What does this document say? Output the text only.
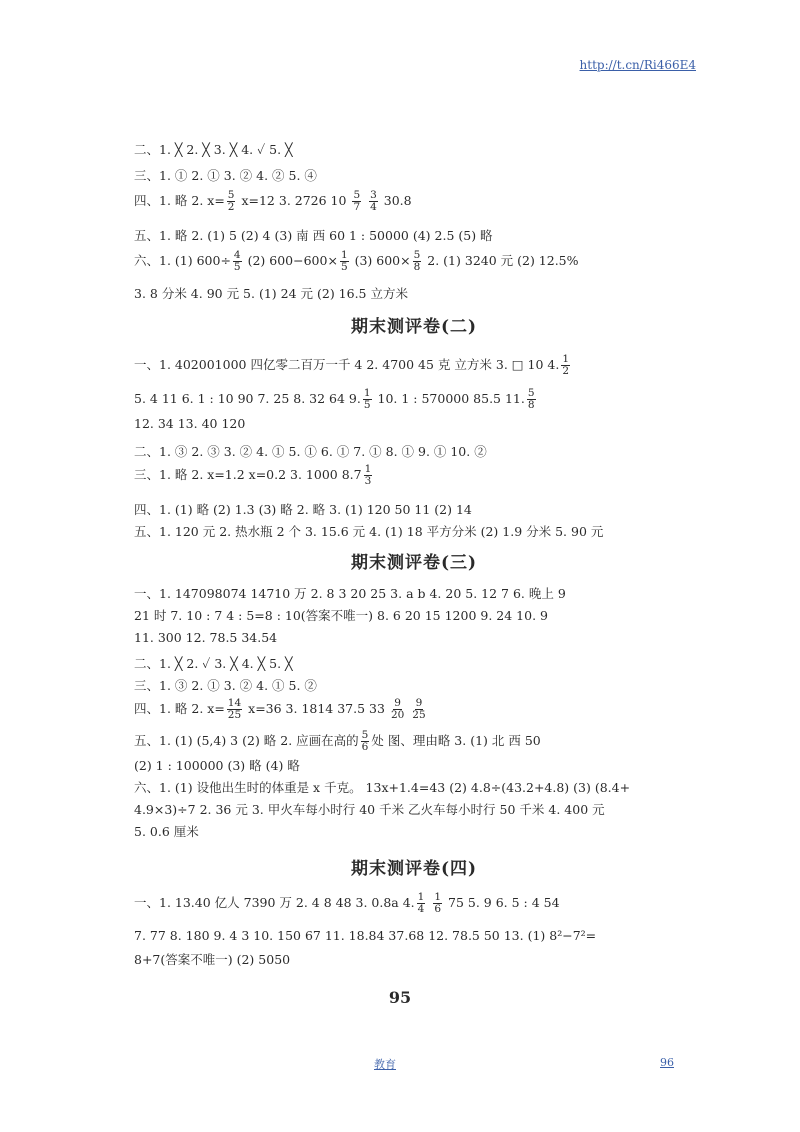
http://t.cn/Ri466E4
二、1. ╳ 2. ╳ 3. ╳ 4. ✓ 5. ╳
三、1. ① 2. ① 3. ② 4. ② 5. ④
四、1. 略 2. $x= \frac{5}{2} x=12$ 3. 2726 $10 \frac{5}{7}$
$\frac{3}{4} 30.8$
五、1. 略 2. (1) 5 (2) 4 (3) 南 西 60 1 : 50000 (4) 2.5 (5) 略
六、1. (1) $600\div \frac{4}{5} (2)$ $600-600\times \frac{1}{5} (3)$ $600\times \frac{5}{8} 2$. (1) 3240 元 (2) 12.5%
3. 8 分米 4. 90 元 5. (1) 24 元 (2) 16.5 立方米
期末测评卷(二)
一、1. 402001000 四亿零二百万一千 4 2. 4700 45 克 立方米 3. □ 10 4. $\frac{1}{2}$
5. 4 11 6. 1 : 10 90 7. 25 8. 32 64 9. $\frac{1}{5} 10$. 1 : 570000 85.5 11. $\frac{5}{8}$
12. 34 13. 40 120
二、1. ③ 2. ③ 3. ② 4. ① 5. ① 6. ① 7. ① 8. ① 9. ① 10. ②
三、1. 略 2. x=1.2 x=0.2 3. 1000 $8.7 \frac{1}{3}$
四、1. (1) 略 (2) 1.3 (3) 略 2. 略 3. (1) 120 50 11 (2) 14
五、1. 120 元 2. 热水瓶 2 个 3. 15.6 元 4. (1) 18 平方分米 (2) 1.9 分米 5. 90 元
期末测评卷(三)
一、1. 147098074 14710 万 2. 8 3 20 25 3. a b 4. 20 5. 12 7 6. 晚上 9
21 时 7. 10 : 7 4 : 5=8 : 10(答案不唯一) 8. 6 20 15 1200 9. 24 10. 9
11. 300 12. 78.5 34.54
二、1. ╳ 2. ✓ 3. ╳ 4. ╳ 5. ╳
三、1. ③ 2. ① 3. ② 4. ① 5. ②
四、1. 略 2. $x= \frac{14}{25} x=36$ 3. 1814 37.5 $33 \frac{9}{20}$
$\frac{9}{25}$
五、1. (1) (5,4) 3 (2) 略 2. 应画在高的 $\frac{5}{6}$ 处 图、理由略 3. (1) 北 西 50
(2) 1 : 100000 (3) 略 (4) 略
六、1. (1) 设他出生时的体重是 x 千克。 13x+1.4=43 (2) 4.8÷(43.2+4.8) (3) (8.4+
4.9×3)÷7 2. 36 元 3. 甲火车每小时行 40 千米 乙火车每小时行 50 千米 4. 400 元
5. 0.6 厘米
期末测评卷(四)
一、1. 13.40 亿人 7390 万 2. 4 8 48 3. 0.8a 4. $\frac{1}{4}$
$\frac{1}{6} 75$ 5. 9 6. 5 : 4 54
7. 77 8. 180 9. 4 3 10. 150 67 11. 18.84 37.68 12. 78.5 50 13. (1) 8²−7²=
8+7(答案不唯一) (2) 5050
95
教育	96
